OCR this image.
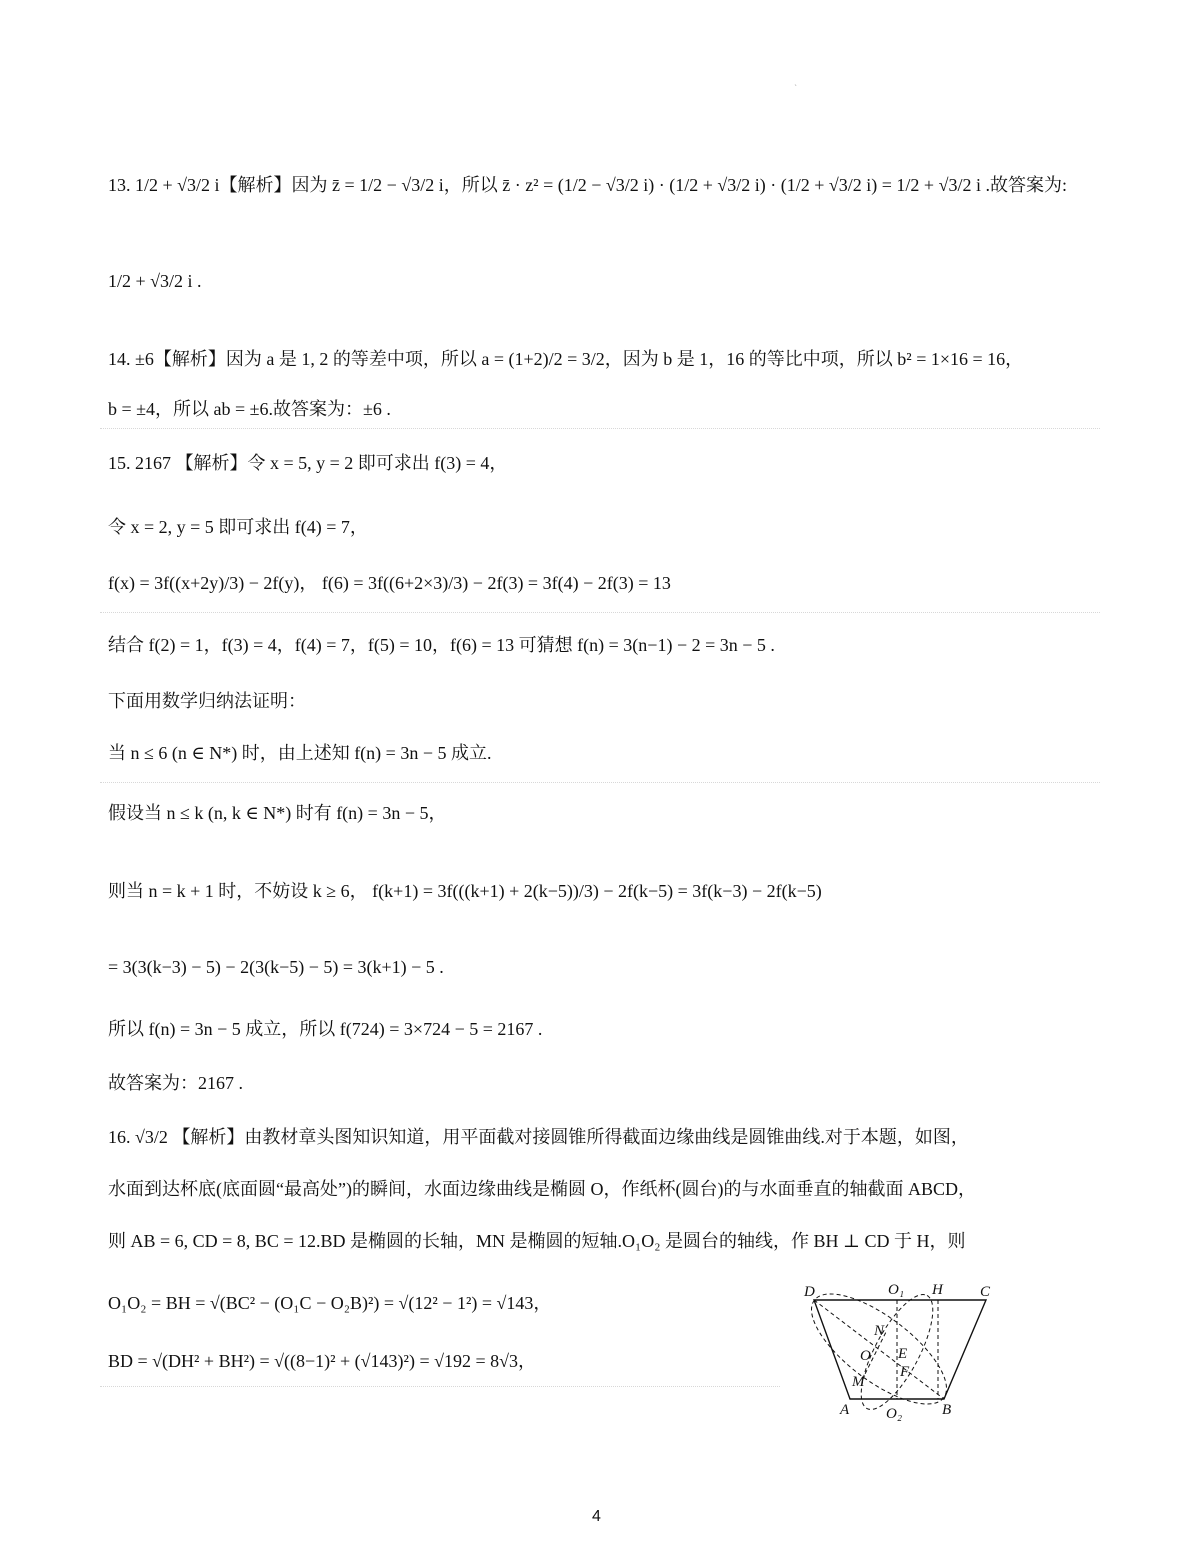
`
13. 1/2 + √3/2 i【解析】因为 z̄ = 1/2 − √3/2 i，所以 z̄ · z² = (1/2 − √3/2 i) · (1/2 + √3/2 i) · (1/2 + √3/2 i) = 1/2 + √3/2 i .故答案为:
1/2 + √3/2 i .
14. ±6【解析】因为 a 是 1, 2 的等差中项，所以 a = (1+2)/2 = 3/2，因为 b 是 1，16 的等比中项，所以 b² = 1×16 = 16，
b = ±4，所以 ab = ±6.故答案为：±6 .
15. 2167 【解析】令 x = 5, y = 2 即可求出 f(3) = 4，
令 x = 2, y = 5 即可求出 f(4) = 7，
f(x) = 3f((x+2y)/3) − 2f(y)， f(6) = 3f((6+2×3)/3) − 2f(3) = 3f(4) − 2f(3) = 13
结合 f(2) = 1，f(3) = 4，f(4) = 7，f(5) = 10，f(6) = 13 可猜想 f(n) = 3(n−1) − 2 = 3n − 5 .
下面用数学归纳法证明：
当 n ≤ 6 (n ∈ N*) 时，由上述知 f(n) = 3n − 5 成立.
假设当 n ≤ k (n, k ∈ N*) 时有 f(n) = 3n − 5，
则当 n = k + 1 时，不妨设 k ≥ 6， f(k+1) = 3f(((k+1) + 2(k−5))/3) − 2f(k−5) = 3f(k−3) − 2f(k−5)
= 3(3(k−3) − 5) − 2(3(k−5) − 5) = 3(k+1) − 5 .
所以 f(n) = 3n − 5 成立，所以 f(724) = 3×724 − 5 = 2167 .
故答案为：2167 .
4
16. √3/2 【解析】由教材章头图知识知道，用平面截对接圆锥所得截面边缘曲线是圆锥曲线.对于本题，如图，
水面到达杯底(底面圆“最高处”)的瞬间，水面边缘曲线是椭圆 O，作纸杯(圆台)的与水面垂直的轴截面 ABCD，
则 AB = 6, CD = 8, BC = 12.BD 是椭圆的长轴，MN 是椭圆的短轴.O₁O₂ 是圆台的轴线，作 BH ⊥ CD 于 H，则
O₁O₂ = BH = √(BC² − (O₁C − O₂B)²) = √(12² − 1²) = √143，
BD = √(DH² + BH²) = √((8−1)² + (√143)²) = √192 = 8√3，
D	O₁ H C
N
O E
F
M
A O₂	B
